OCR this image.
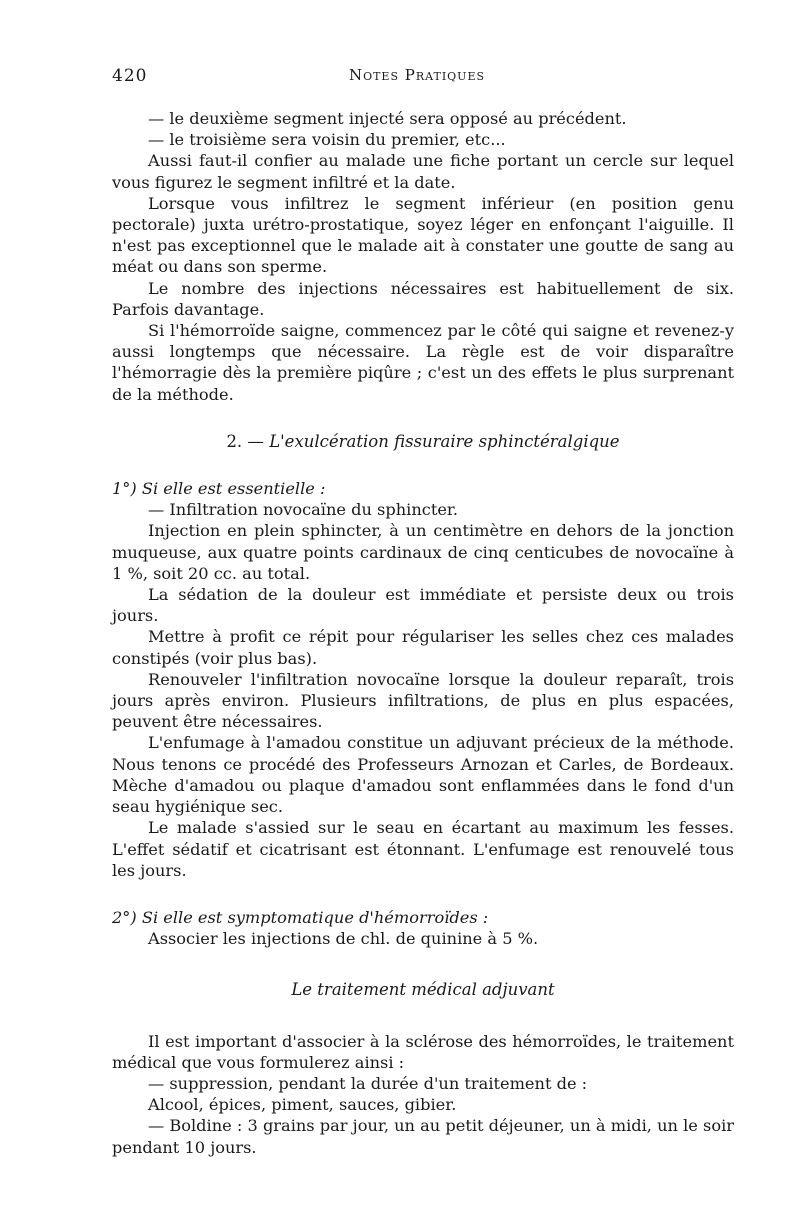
420	Notes Pratiques

— le deuxième segment injecté sera opposé au précédent.

— le troisième sera voisin du premier, etc...

Aussi faut-il confier au malade une fiche portant un cercle sur lequel vous figurez le segment infiltré et la date.

Lorsque vous infiltrez le segment inférieur (en position genu pectorale) juxta urétro-prostatique, soyez léger en enfonçant l'aiguille. Il n'est pas exceptionnel que le malade ait à constater une goutte de sang au méat ou dans son sperme.

Le nombre des injections nécessaires est habituellement de six. Parfois davantage.

Si l'hémorroïde saigne, commencez par le côté qui saigne et revenez-y aussi longtemps que nécessaire. La règle est de voir disparaître l'hémorragie dès la première piqûre ; c'est un des effets le plus surprenant de la méthode.

2. — L'exulcération fissuraire sphinctéralgique

1°) Si elle est essentielle :

— Infiltration novocaïne du sphincter.

Injection en plein sphincter, à un centimètre en dehors de la jonction muqueuse, aux quatre points cardinaux de cinq centicubes de novocaïne à 1 %, soit 20 cc. au total.

La sédation de la douleur est immédiate et persiste deux ou trois jours.

Mettre à profit ce répit pour régulariser les selles chez ces malades constipés (voir plus bas).

Renouveler l'infiltration novocaïne lorsque la douleur reparaît, trois jours après environ. Plusieurs infiltrations, de plus en plus espacées, peuvent être nécessaires.

L'enfumage à l'amadou constitue un adjuvant précieux de la méthode. Nous tenons ce procédé des Professeurs Arnozan et Carles, de Bordeaux. Mèche d'amadou ou plaque d'amadou sont enflammées dans le fond d'un seau hygiénique sec.

Le malade s'assied sur le seau en écartant au maximum les fesses. L'effet sédatif et cicatrisant est étonnant. L'enfumage est renouvelé tous les jours.

2°) Si elle est symptomatique d'hémorroïdes :

Associer les injections de chl. de quinine à 5 %.

Le traitement médical adjuvant

Il est important d'associer à la sclérose des hémorroïdes, le traitement médical que vous formulerez ainsi :

— suppression, pendant la durée d'un traitement de :

Alcool, épices, piment, sauces, gibier.

— Boldine : 3 grains par jour, un au petit déjeuner, un à midi, un le soir pendant 10 jours.
